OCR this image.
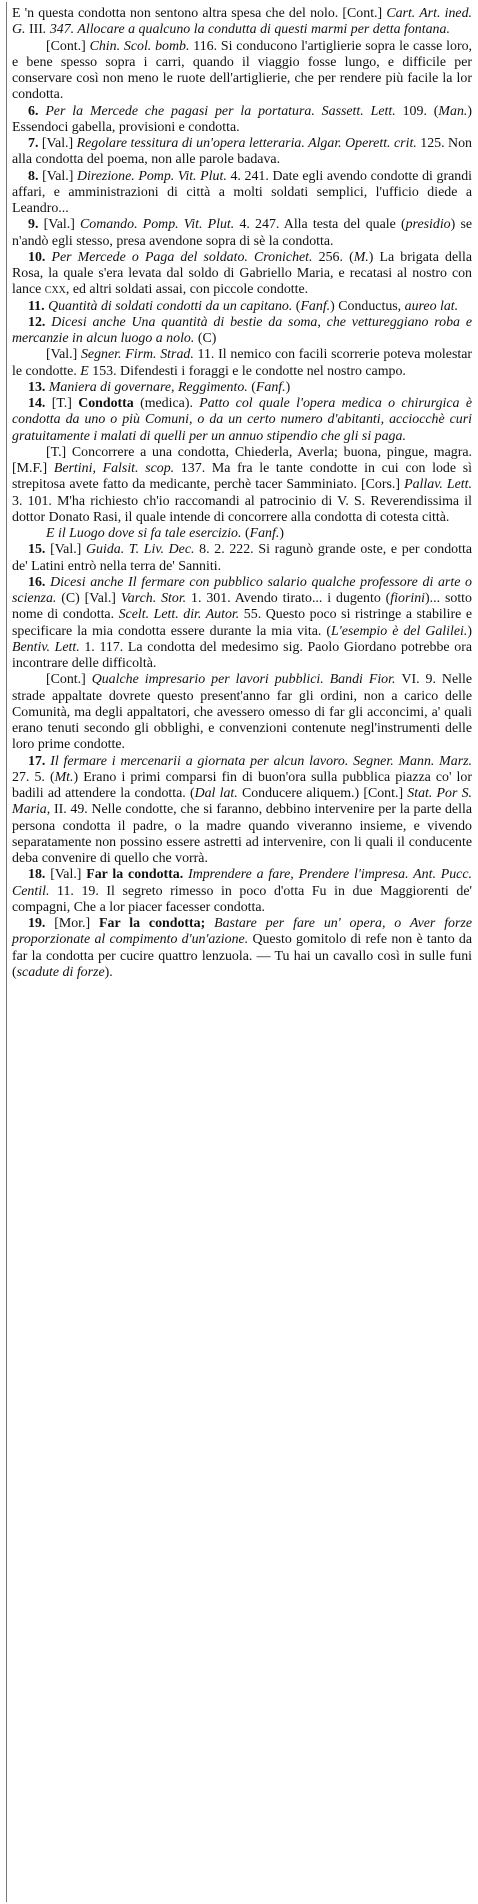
E 'n questa condotta non sentono altra spesa che del nolo. [Cont.] Cart. Art. ined. G. III. 347. Allocare a qualcuno la condutta di questi marmi per detta fontana.

[Cont.] Chin. Scol. bomb. 116. Si conducono l'artiglierie sopra le casse loro, e bene spesso sopra i carri, quando il viaggio fosse lungo, e difficile per conservare così non meno le ruote dell'artiglierie, che per rendere più facile la lor condotta.

6. Per la Mercede che pagasi per la portatura. Sassett. Lett. 109. (Man.) Essendoci gabella, provisioni e condotta.

7. [Val.] Regolare tessitura di un'opera letteraria. Algar. Operett. crit. 125. Non alla condotta del poema, non alle parole badava.

8. [Val.] Direzione. Pomp. Vit. Plut. 4. 241. Date egli avendo condotte di grandi affari, e amministrazioni di città a molti soldati semplici, l'ufficio diede a Leandro...

9. [Val.] Comando. Pomp. Vit. Plut. 4. 247. Alla testa del quale (presidio) se n'andò egli stesso, presa avendone sopra di sè la condotta.

10. Per Mercede o Paga del soldato. Cronichet. 256. (M.) La brigata della Rosa, la quale s'era levata dal soldo di Gabriello Maria, e recatasi al nostro con lance cxx, ed altri soldati assai, con piccole condotte.

11. Quantità di soldati condotti da un capitano. (Fanf.) Conductus, aureo lat.

12. Dicesi anche Una quantità di bestie da soma, che vettureggiano roba e mercanzie in alcun luogo a nolo. (C)

[Val.] Segner. Firm. Strad. 11. Il nemico con facili scorrerie poteva molestar le condotte. E 153. Difendesti i foraggi e le condotte nel nostro campo.

13. Maniera di governare, Reggimento. (Fanf.)

14. [T.] Condotta (medica). Patto col quale l'opera medica o chirurgica è condotta da uno o più Comuni, o da un certo numero d'abitanti, acciocchè curi gratuitamente i malati di quelli per un annuo stipendio che gli si paga.

[T.] Concorrere a una condotta, Chiederla, Averla; buona, pingue, magra. [M.F.] Bertini, Falsit. scop. 137. Ma fra le tante condotte in cui con lode sì strepitosa avete fatto da medicante, perchè tacer Samminiato. [Cors.] Pallav. Lett. 3. 101. M'ha richiesto ch'io raccomandi al patrocinio di V. S. Reverendissima il dottor Donato Rasi, il quale intende di concorrere alla condotta di cotesta città.

E il Luogo dove si fa tale esercizio. (Fanf.)

15. [Val.] Guida. T. Liv. Dec. 8. 2. 222. Si ragunò grande oste, e per condotta de' Latini entrò nella terra de' Sanniti.

16. Dicesi anche Il fermare con pubblico salario qualche professore di arte o scienza. (C) [Val.] Varch. Stor. 1. 301. Avendo tirato... i dugento (fiorini)... sotto nome di condotta. Scelt. Lett. dir. Autor. 55. Questo poco si ristringe a stabilire e specificare la mia condotta essere durante la mia vita. (L'esempio è del Galilei.) Bentiv. Lett. 1. 117. La condotta del medesimo sig. Paolo Giordano potrebbe ora incontrare delle difficoltà.

[Cont.] Qualche impresario per lavori pubblici. Bandi Fior. VI. 9. Nelle strade appaltate dovrete questo present'anno far gli ordini, non a carico delle Comunità, ma degli appaltatori, che avessero omesso di far gli acconcimi, a' quali erano tenuti secondo gli obblighi, e convenzioni contenute negl'instrumenti delle loro prime condotte.

17. Il fermare i mercenarii a giornata per alcun lavoro. Segner. Mann. Marz. 27. 5. (Mt.) Erano i primi comparsi fin di buon'ora sulla pubblica piazza co' lor badili ad attendere la condotta. (Dal lat. Conducere aliquem.) [Cont.] Stat. Por S. Maria, II. 49. Nelle condotte, che si faranno, debbino intervenire per la parte della persona condotta il padre, o la madre quando viveranno insieme, e vivendo separatamente non possino essere astretti ad intervenire, con li quali il conducente deba convenire di quello che vorrà.

18. [Val.] Far la condotta. Imprendere a fare, Prendere l'impresa. Ant. Pucc. Centil. 11. 19. Il segreto rimesso in poco d'otta Fu in due Maggiorenti de' compagni, Che a lor piacer facesser condotta.

19. [Mor.] Far la condotta; Bastare per fare un' opera, o Aver forze proporzionate al compimento d'un'azione. Questo gomitolo di refe non è tanto da far la condotta per cucire quattro lenzuola. — Tu hai un cavallo così in sulle funi (scadute di forze).
